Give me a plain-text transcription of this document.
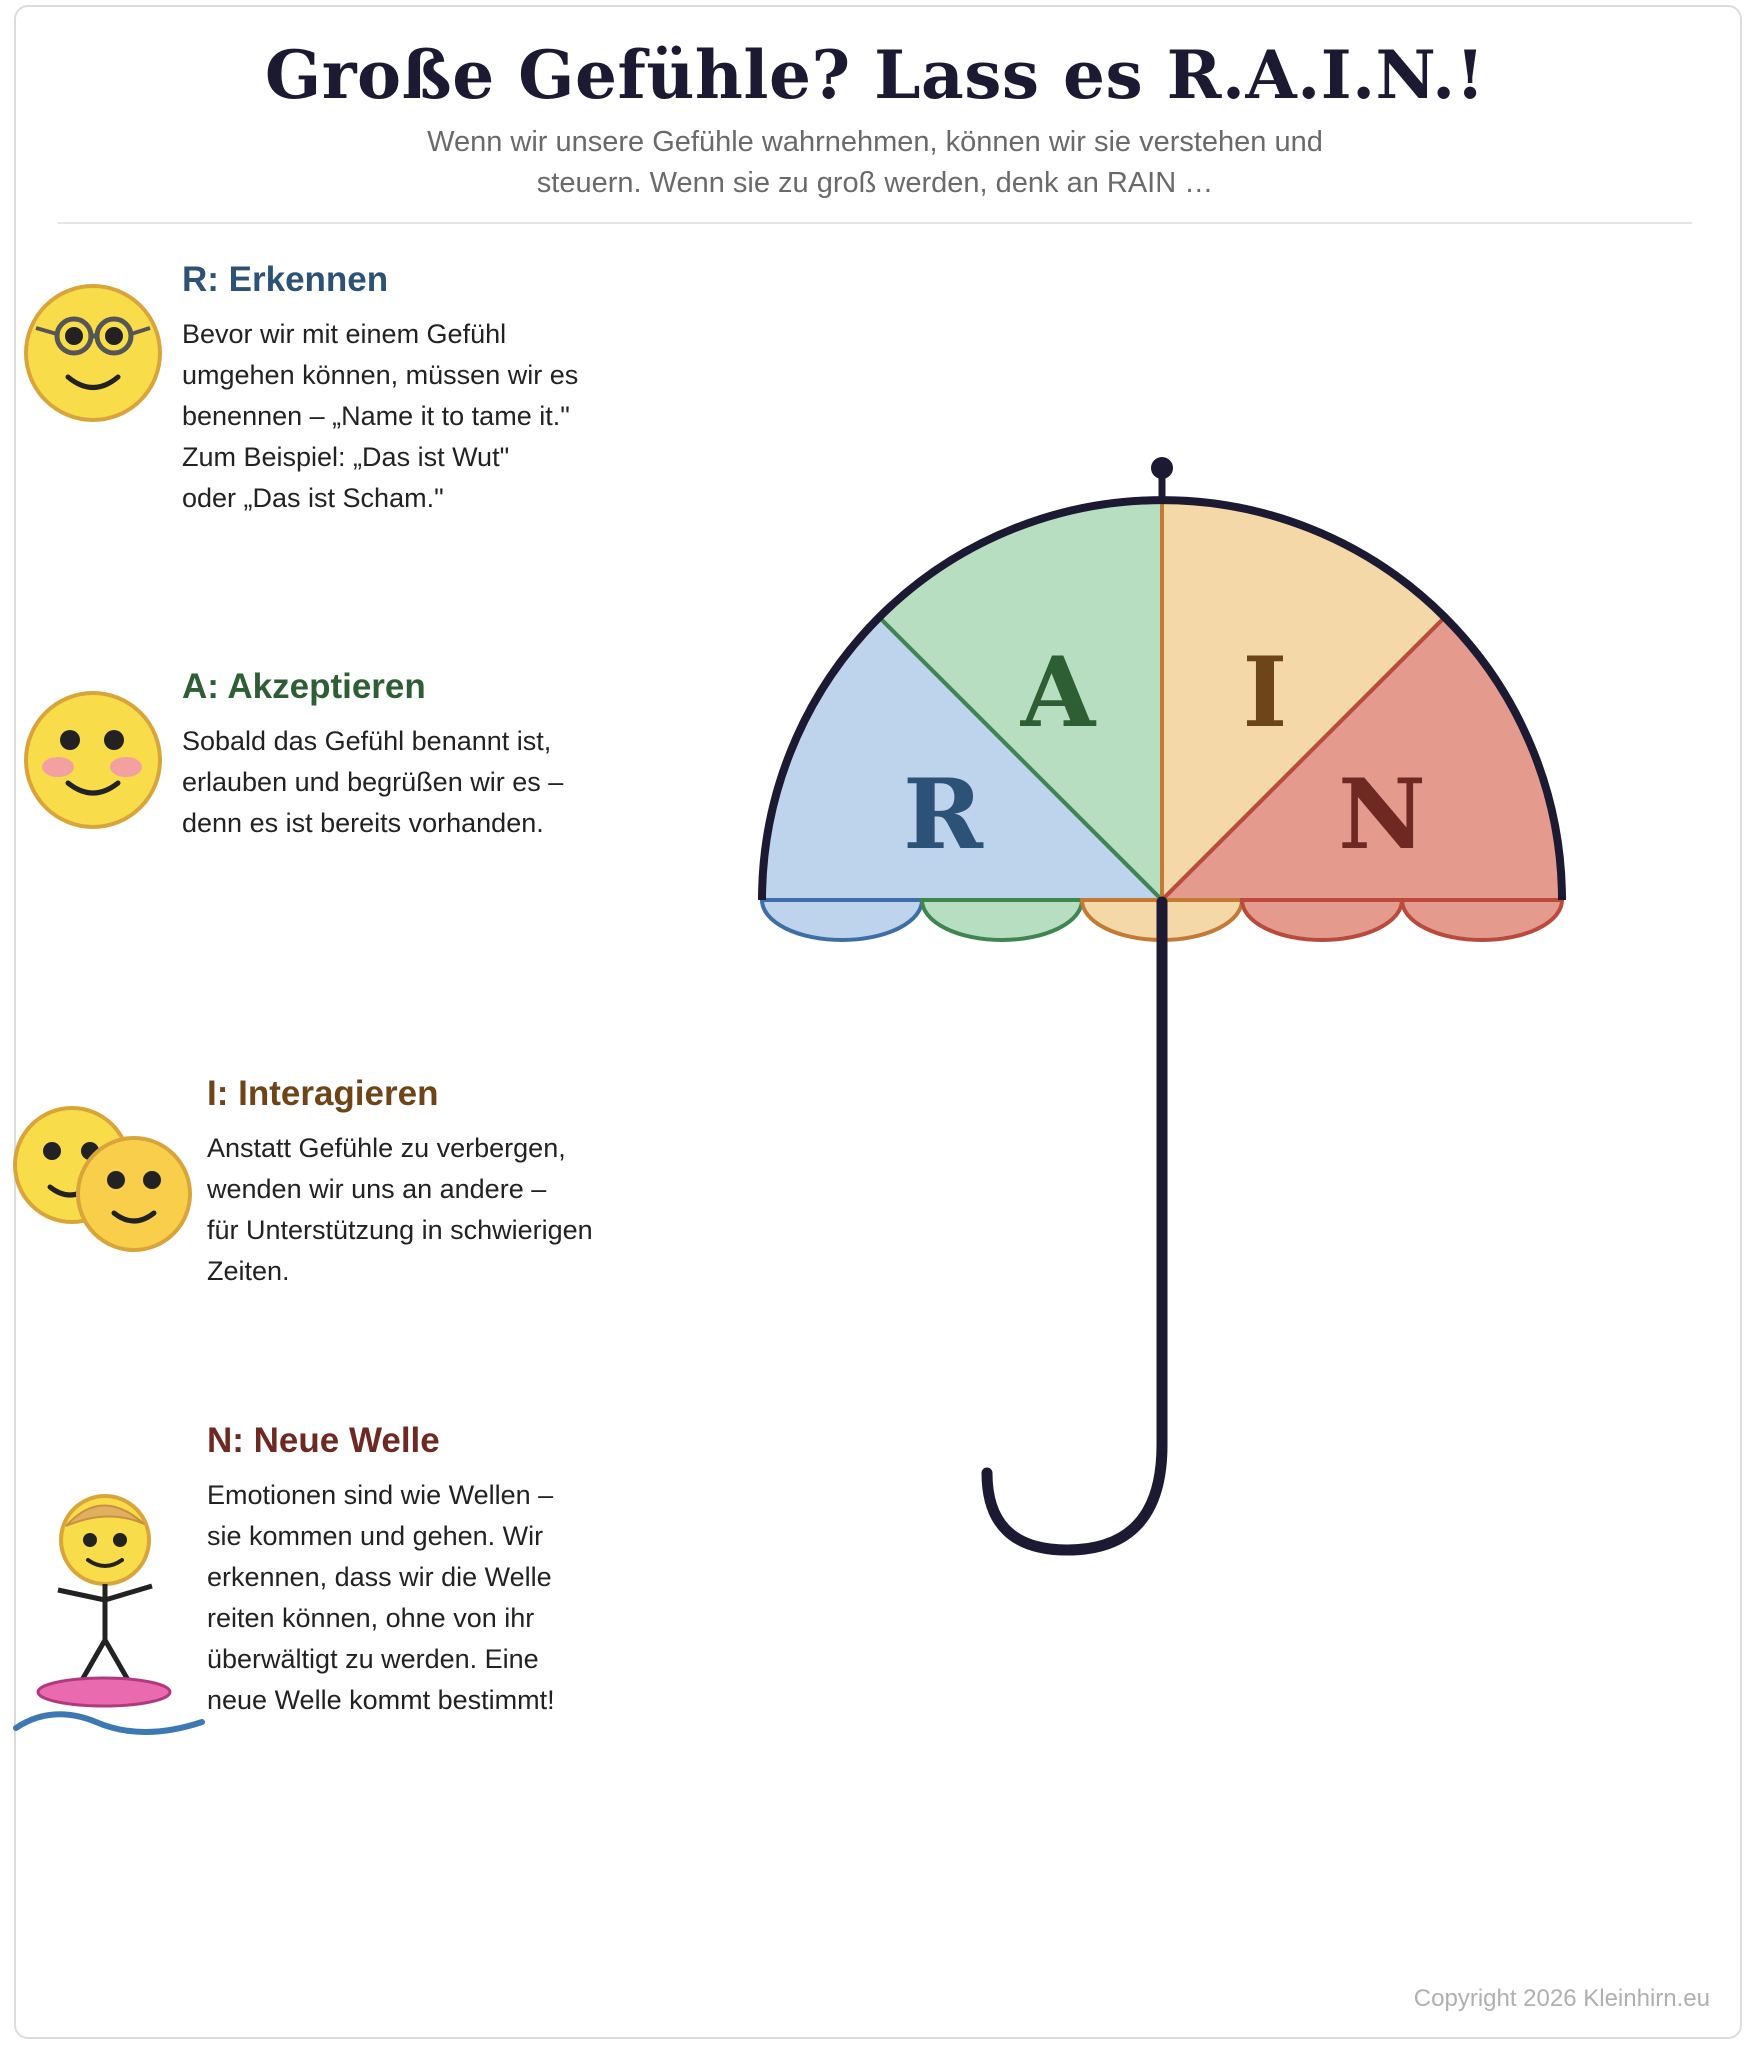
Große Gefühle? Lass es R.A.I.N.!

Wenn wir unsere Gefühle wahrnehmen, können wir sie verstehen und steuern. Wenn sie zu groß werden, denk an RAIN …

R: Erkennen

Bevor wir mit einem Gefühl
umgehen können, müssen wir es
benennen – „Name it to tame it."
Zum Beispiel: „Das ist Wut"
oder „Das ist Scham."

A: Akzeptieren

Sobald das Gefühl benannt ist,
erlauben und begrüßen wir es –
denn es ist bereits vorhanden.

I: Interagieren

Anstatt Gefühle zu verbergen,
wenden wir uns an andere –
für Unterstützung in schwierigen
Zeiten.

N: Neue Welle

Emotionen sind wie Wellen –
sie kommen und gehen. Wir
erkennen, dass wir die Welle
reiten können, ohne von ihr
überwältigt zu werden. Eine
neue Welle kommt bestimmt!

R
A I
N
Copyright 2026 Kleinhirn.eu
